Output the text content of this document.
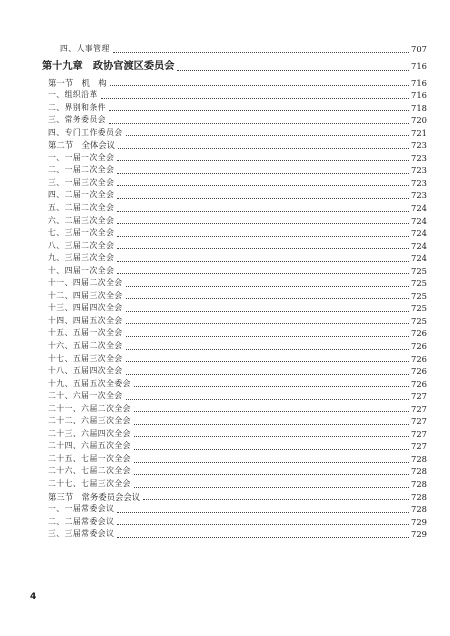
四、人事管理	707
第十九章　政协官渡区委员会	716
第一节　机　构	716
一、组织沿革	716
二、界别和条件	718
三、常务委员会	720
四、专门工作委员会	721
第二节　全体会议	723
一、一届一次全会	723
二、一届二次全会	723
三、一届三次全会	723
四、二届一次全会	723
五、二届二次全会	724
六、二届三次全会	724
七、三届一次全会	724
八、三届二次全会	724
九、三届三次全会	724
十、四届一次全会	725
十一、四届二次全会	725
十二、四届三次全会	725
十三、四届四次全会	725
十四、四届五次全会	725
十五、五届一次全会	726
十六、五届二次全会	726
十七、五届三次全会	726
十八、五届四次全会	726
十九、五届五次全委会	726
二十、六届一次全会	727
二十一、六届二次全会	727
二十二、六届三次全会	727
二十三、六届四次全会	727
二十四、六届五次全会	727
二十五、七届一次全会	728
二十六、七届二次全会	728
二十七、七届三次全会	728
第三节　常务委员会会议	728
一、一届常委会议	728
二、二届常委会议	729
三、三届常委会议	729
4
